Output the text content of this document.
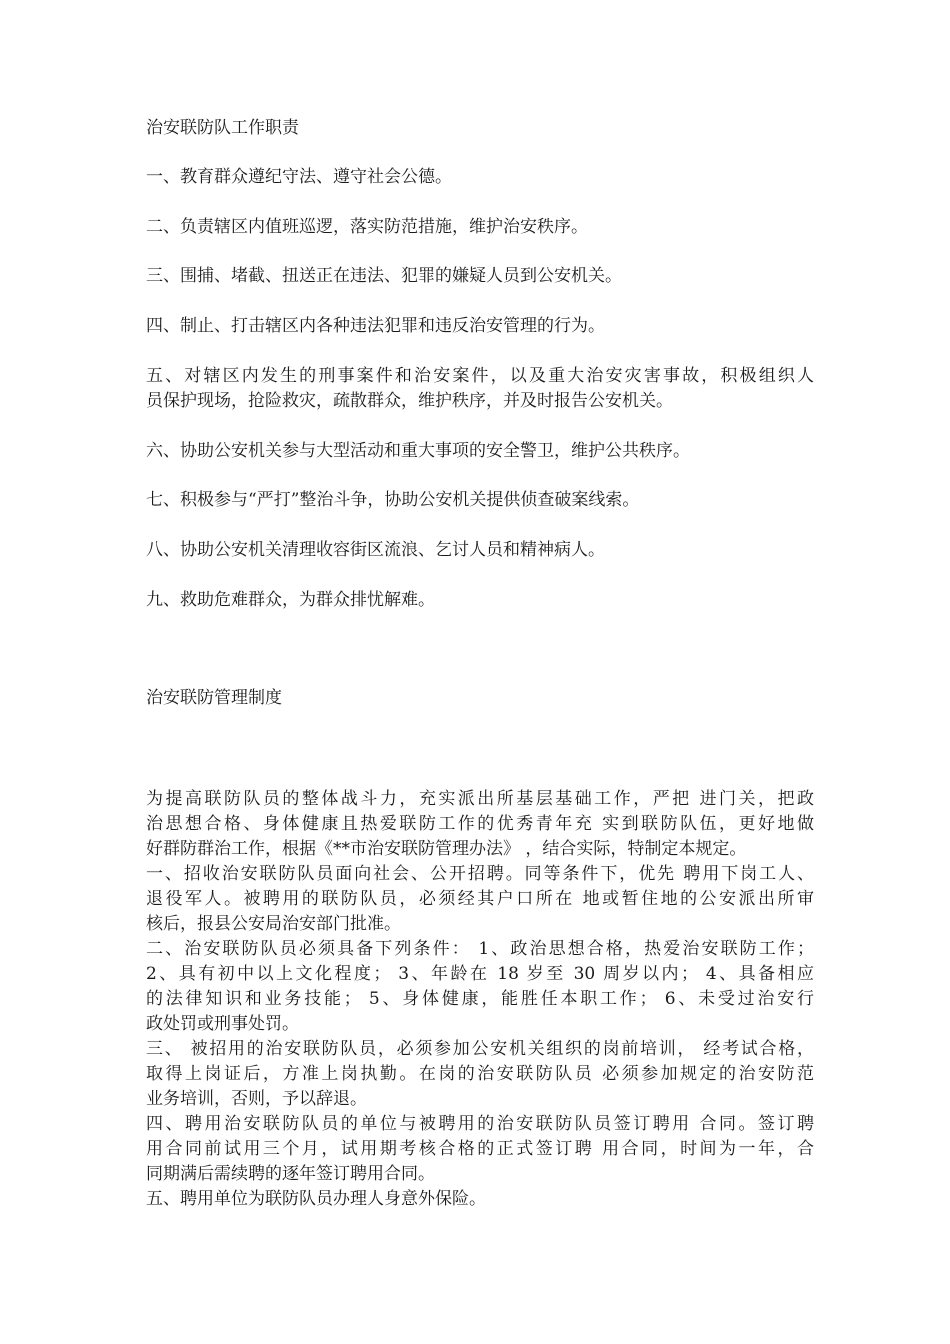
治安联防队工作职责
一、教育群众遵纪守法、遵守社会公德。
二、负责辖区内值班巡逻，落实防范措施，维护治安秩序。
三、围捕、堵截、扭送正在违法、犯罪的嫌疑人员到公安机关。
四、制止、打击辖区内各种违法犯罪和违反治安管理的行为。
五、对辖区内发生的刑事案件和治安案件，以及重大治安灾害事故，积极组织人
员保护现场，抢险救灾，疏散群众，维护秩序，并及时报告公安机关。
六、协助公安机关参与大型活动和重大事项的安全警卫，维护公共秩序。
七、积极参与“严打”整治斗争，协助公安机关提供侦查破案线索。
八、协助公安机关清理收容街区流浪、乞讨人员和精神病人。
九、救助危难群众，为群众排忧解难。
治安联防管理制度
为提高联防队员的整体战斗力，充实派出所基层基础工作，严把 进门关，把政
治思想合格、身体健康且热爱联防工作的优秀青年充 实到联防队伍，更好地做
好群防群治工作，根据《**市治安联防管理办法》 ，结合实际，特制定本规定。
一、招收治安联防队员面向社会、公开招聘。同等条件下，优先 聘用下岗工人、
退役军人。被聘用的联防队员，必须经其户口所在 地或暂住地的公安派出所审
核后，报县公安局治安部门批准。
二、治安联防队员必须具备下列条件： 1、政治思想合格，热爱治安联防工作；
2、具有初中以上文化程度； 3、年龄在 18 岁至 30 周岁以内； 4、具备相应
的法律知识和业务技能； 5、身体健康，能胜任本职工作； 6、未受过治安行
政处罚或刑事处罚。
三、 被招用的治安联防队员，必须参加公安机关组织的岗前培训， 经考试合格，
取得上岗证后，方准上岗执勤。在岗的治安联防队员 必须参加规定的治安防范
业务培训，否则，予以辞退。
四、聘用治安联防队员的单位与被聘用的治安联防队员签订聘用 合同。签订聘
用合同前试用三个月，试用期考核合格的正式签订聘 用合同，时间为一年，合
同期满后需续聘的逐年签订聘用合同。
五、聘用单位为联防队员办理人身意外保险。
